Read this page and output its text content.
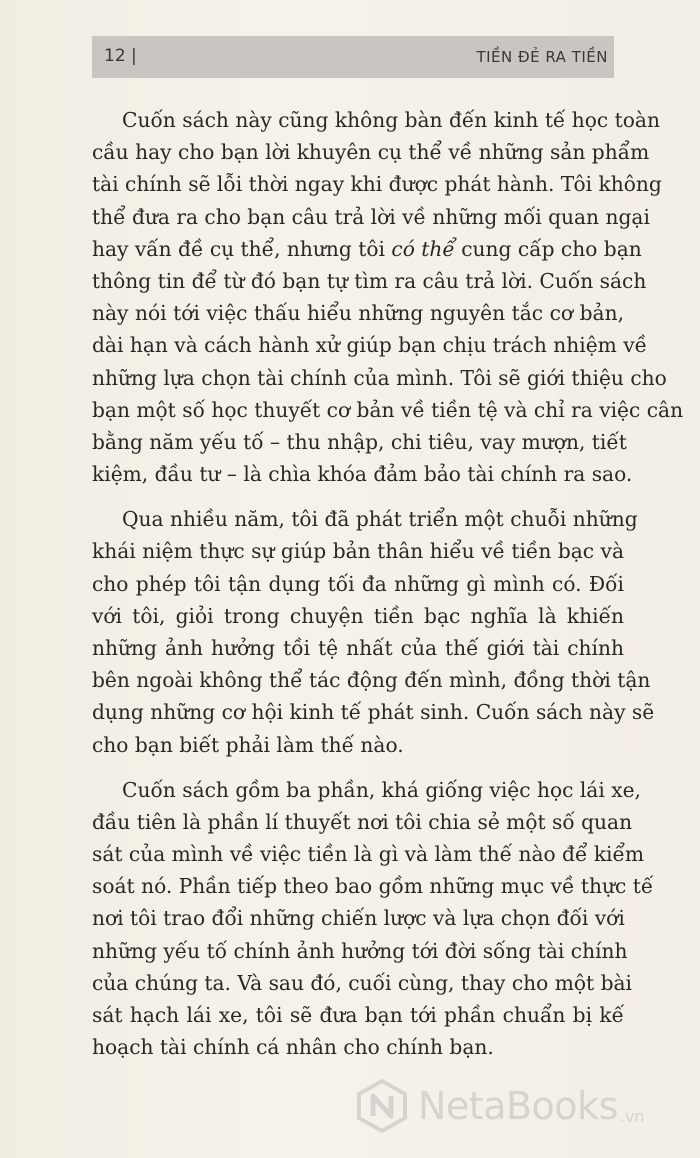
12 |	TIỀN ĐẺ RA TIỀN

Cuốn sách này cũng không bàn đến kinh tế học toàn
cầu hay cho bạn lời khuyên cụ thể về những sản phẩm
tài chính sẽ lỗi thời ngay khi được phát hành. Tôi không
thể đưa ra cho bạn câu trả lời về những mối quan ngại
hay vấn đề cụ thể, nhưng tôi có thể cung cấp cho bạn
thông tin để từ đó bạn tự tìm ra câu trả lời. Cuốn sách
này nói tới việc thấu hiểu những nguyên tắc cơ bản,
dài hạn và cách hành xử giúp bạn chịu trách nhiệm về
những lựa chọn tài chính của mình. Tôi sẽ giới thiệu cho
bạn một số học thuyết cơ bản về tiền tệ và chỉ ra việc cân
bằng năm yếu tố – thu nhập, chi tiêu, vay mượn, tiết
kiệm, đầu tư – là chìa khóa đảm bảo tài chính ra sao.

Qua nhiều năm, tôi đã phát triển một chuỗi những
khái niệm thực sự giúp bản thân hiểu về tiền bạc và
cho phép tôi tận dụng tối đa những gì mình có. Đối
với tôi, giỏi trong chuyện tiền bạc nghĩa là khiến
những ảnh hưởng tồi tệ nhất của thế giới tài chính
bên ngoài không thể tác động đến mình, đồng thời tận
dụng những cơ hội kinh tế phát sinh. Cuốn sách này sẽ
cho bạn biết phải làm thế nào.

Cuốn sách gồm ba phần, khá giống việc học lái xe,
đầu tiên là phần lí thuyết nơi tôi chia sẻ một số quan
sát của mình về việc tiền là gì và làm thế nào để kiểm
soát nó. Phần tiếp theo bao gồm những mục về thực tế
nơi tôi trao đổi những chiến lược và lựa chọn đối với
những yếu tố chính ảnh hưởng tới đời sống tài chính
của chúng ta. Và sau đó, cuối cùng, thay cho một bài
sát hạch lái xe, tôi sẽ đưa bạn tới phần chuẩn bị kế
hoạch tài chính cá nhân cho chính bạn.

NetaBooks .vn
